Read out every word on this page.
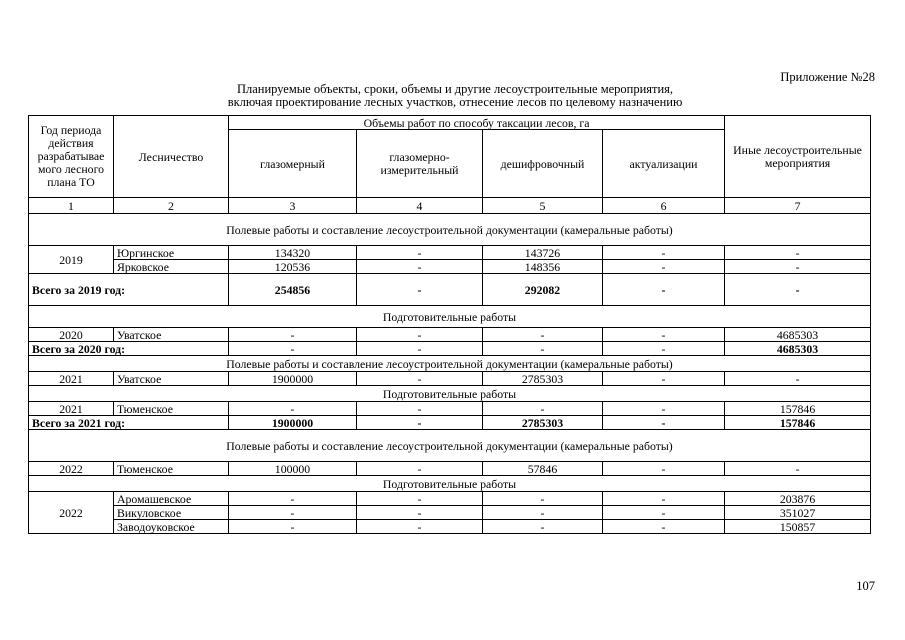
Приложение №28
Планируемые объекты, сроки, объемы и другие лесоустроительные мероприятия,
включая проектирование лесных участков, отнесение лесов по целевому назначению
Год периода действия разрабатывае мого лесного плана ТО	Лесничество	Объемы работ по способу таксации лесов, га				Иные лесоустроительные мероприятия
		глазомерный	глазомерно-измерительный	дешифровочный	актуализации	
1	2	3	4	5	6	7
Полевые работы и составление лесоустроительной документации (камеральные работы)						
2019	Юргинское	134320	-	143726	-	-
	Ярковское	120536	-	148356	-	-
Всего за 2019 год:		254856	-	292082	-	-
Подготовительные работы						
2020	Уватское	-	-	-	-	4685303
Всего за 2020 год:		-	-	-	-	4685303
Полевые работы и составление лесоустроительной документации (камеральные работы)						
2021	Уватское	1900000	-	2785303	-	-
Подготовительные работы						
2021	Тюменское	-	-	-	-	157846
Всего за 2021 год:		1900000	-	2785303	-	157846
Полевые работы и составление лесоустроительной документации (камеральные работы)						
2022	Тюменское	100000	-	57846	-	-
Подготовительные работы						
2022	Аромашевское	-	-	-	-	203876
	Викуловское	-	-	-	-	351027
	Заводоуковское	-	-	-	-	150857
107
